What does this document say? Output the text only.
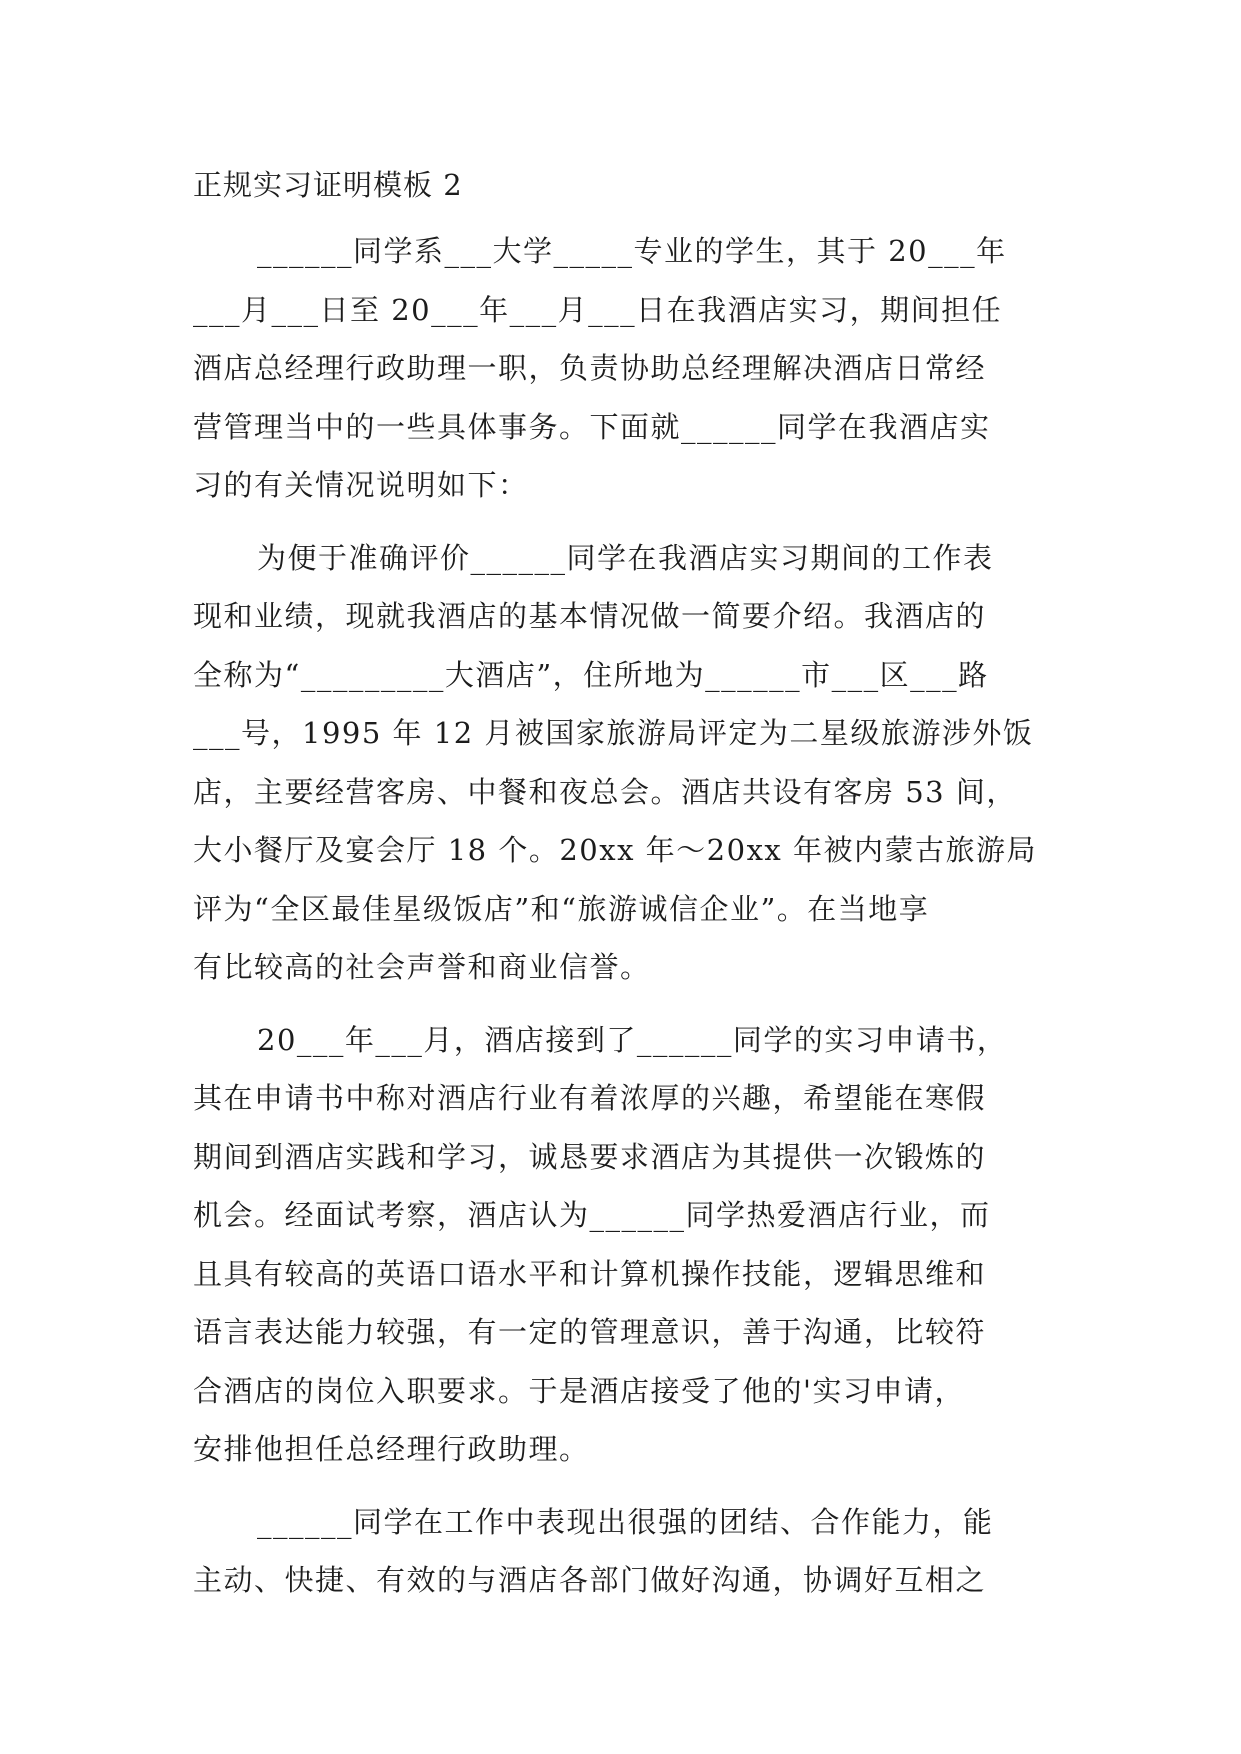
正规实习证明模板 2

______同学系___大学_____专业的学生，其于 20___年
___月___日至 20___年___月___日在我酒店实习，期间担任
酒店总经理行政助理一职，负责协助总经理解决酒店日常经
营管理当中的一些具体事务。下面就______同学在我酒店实
习的有关情况说明如下：

为便于准确评价______同学在我酒店实习期间的工作表
现和业绩，现就我酒店的基本情况做一简要介绍。我酒店的
全称为“_________大酒店”，住所地为______市___区___路
___号，1995 年 12 月被国家旅游局评定为二星级旅游涉外饭
店，主要经营客房、中餐和夜总会。酒店共设有客房 53 间，
大小餐厅及宴会厅 18 个。20xx 年～20xx 年被内蒙古旅游局
评为“全区最佳星级饭店”和“旅游诚信企业”。在当地享
有比较高的社会声誉和商业信誉。

20___年___月，酒店接到了______同学的实习申请书，
其在申请书中称对酒店行业有着浓厚的兴趣，希望能在寒假
期间到酒店实践和学习，诚恳要求酒店为其提供一次锻炼的
机会。经面试考察，酒店认为______同学热爱酒店行业，而
且具有较高的英语口语水平和计算机操作技能，逻辑思维和
语言表达能力较强，有一定的管理意识，善于沟通，比较符
合酒店的岗位入职要求。于是酒店接受了他的'实习申请，
安排他担任总经理行政助理。

______同学在工作中表现出很强的团结、合作能力，能
主动、快捷、有效的与酒店各部门做好沟通，协调好互相之
